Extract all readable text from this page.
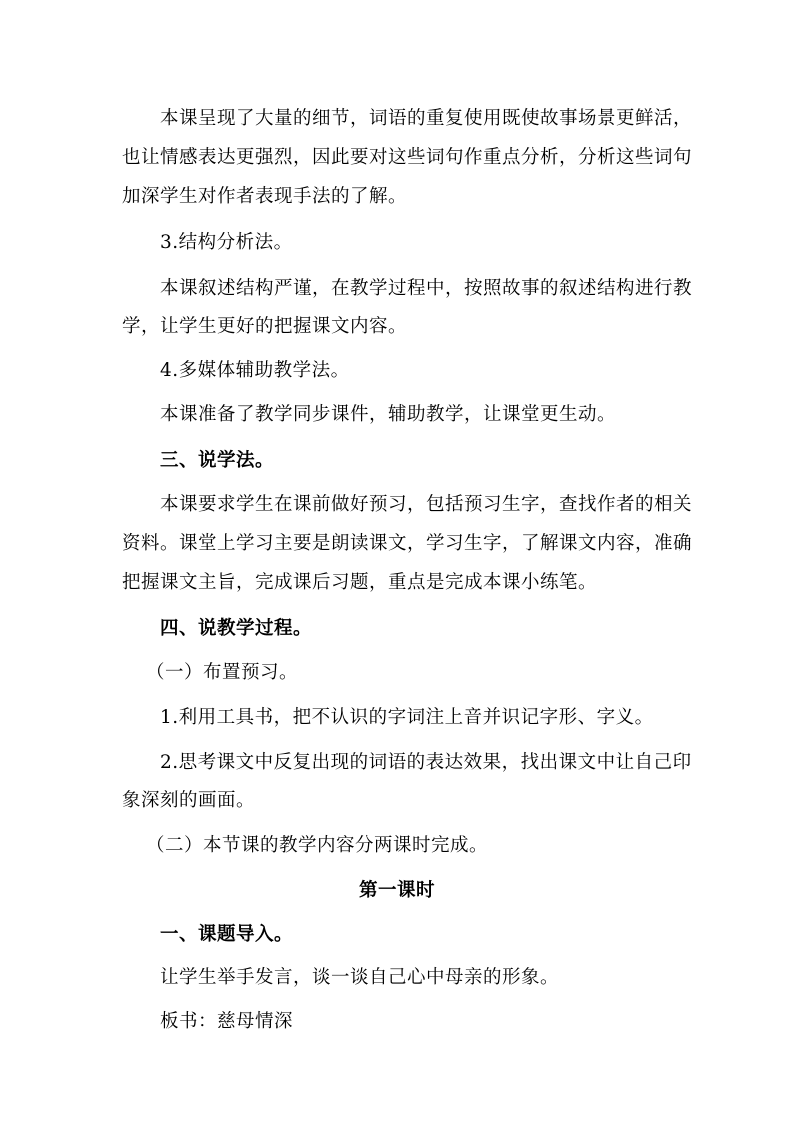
本课呈现了大量的细节，词语的重复使用既使故事场景更鲜活，
也让情感表达更强烈，因此要对这些词句作重点分析，分析这些词句
加深学生对作者表现手法的了解。
3.结构分析法。
本课叙述结构严谨，在教学过程中，按照故事的叙述结构进行教
学，让学生更好的把握课文内容。
4.多媒体辅助教学法。
本课准备了教学同步课件，辅助教学，让课堂更生动。
三、说学法。
本课要求学生在课前做好预习，包括预习生字，查找作者的相关
资料。课堂上学习主要是朗读课文，学习生字，了解课文内容，准确
把握课文主旨，完成课后习题，重点是完成本课小练笔。
四、说教学过程。
（一）布置预习。
1.利用工具书，把不认识的字词注上音并识记字形、字义。
2.思考课文中反复出现的词语的表达效果，找出课文中让自己印
象深刻的画面。
（二）本节课的教学内容分两课时完成。
第一课时
一、课题导入。
让学生举手发言，谈一谈自己心中母亲的形象。
板书：慈母情深
